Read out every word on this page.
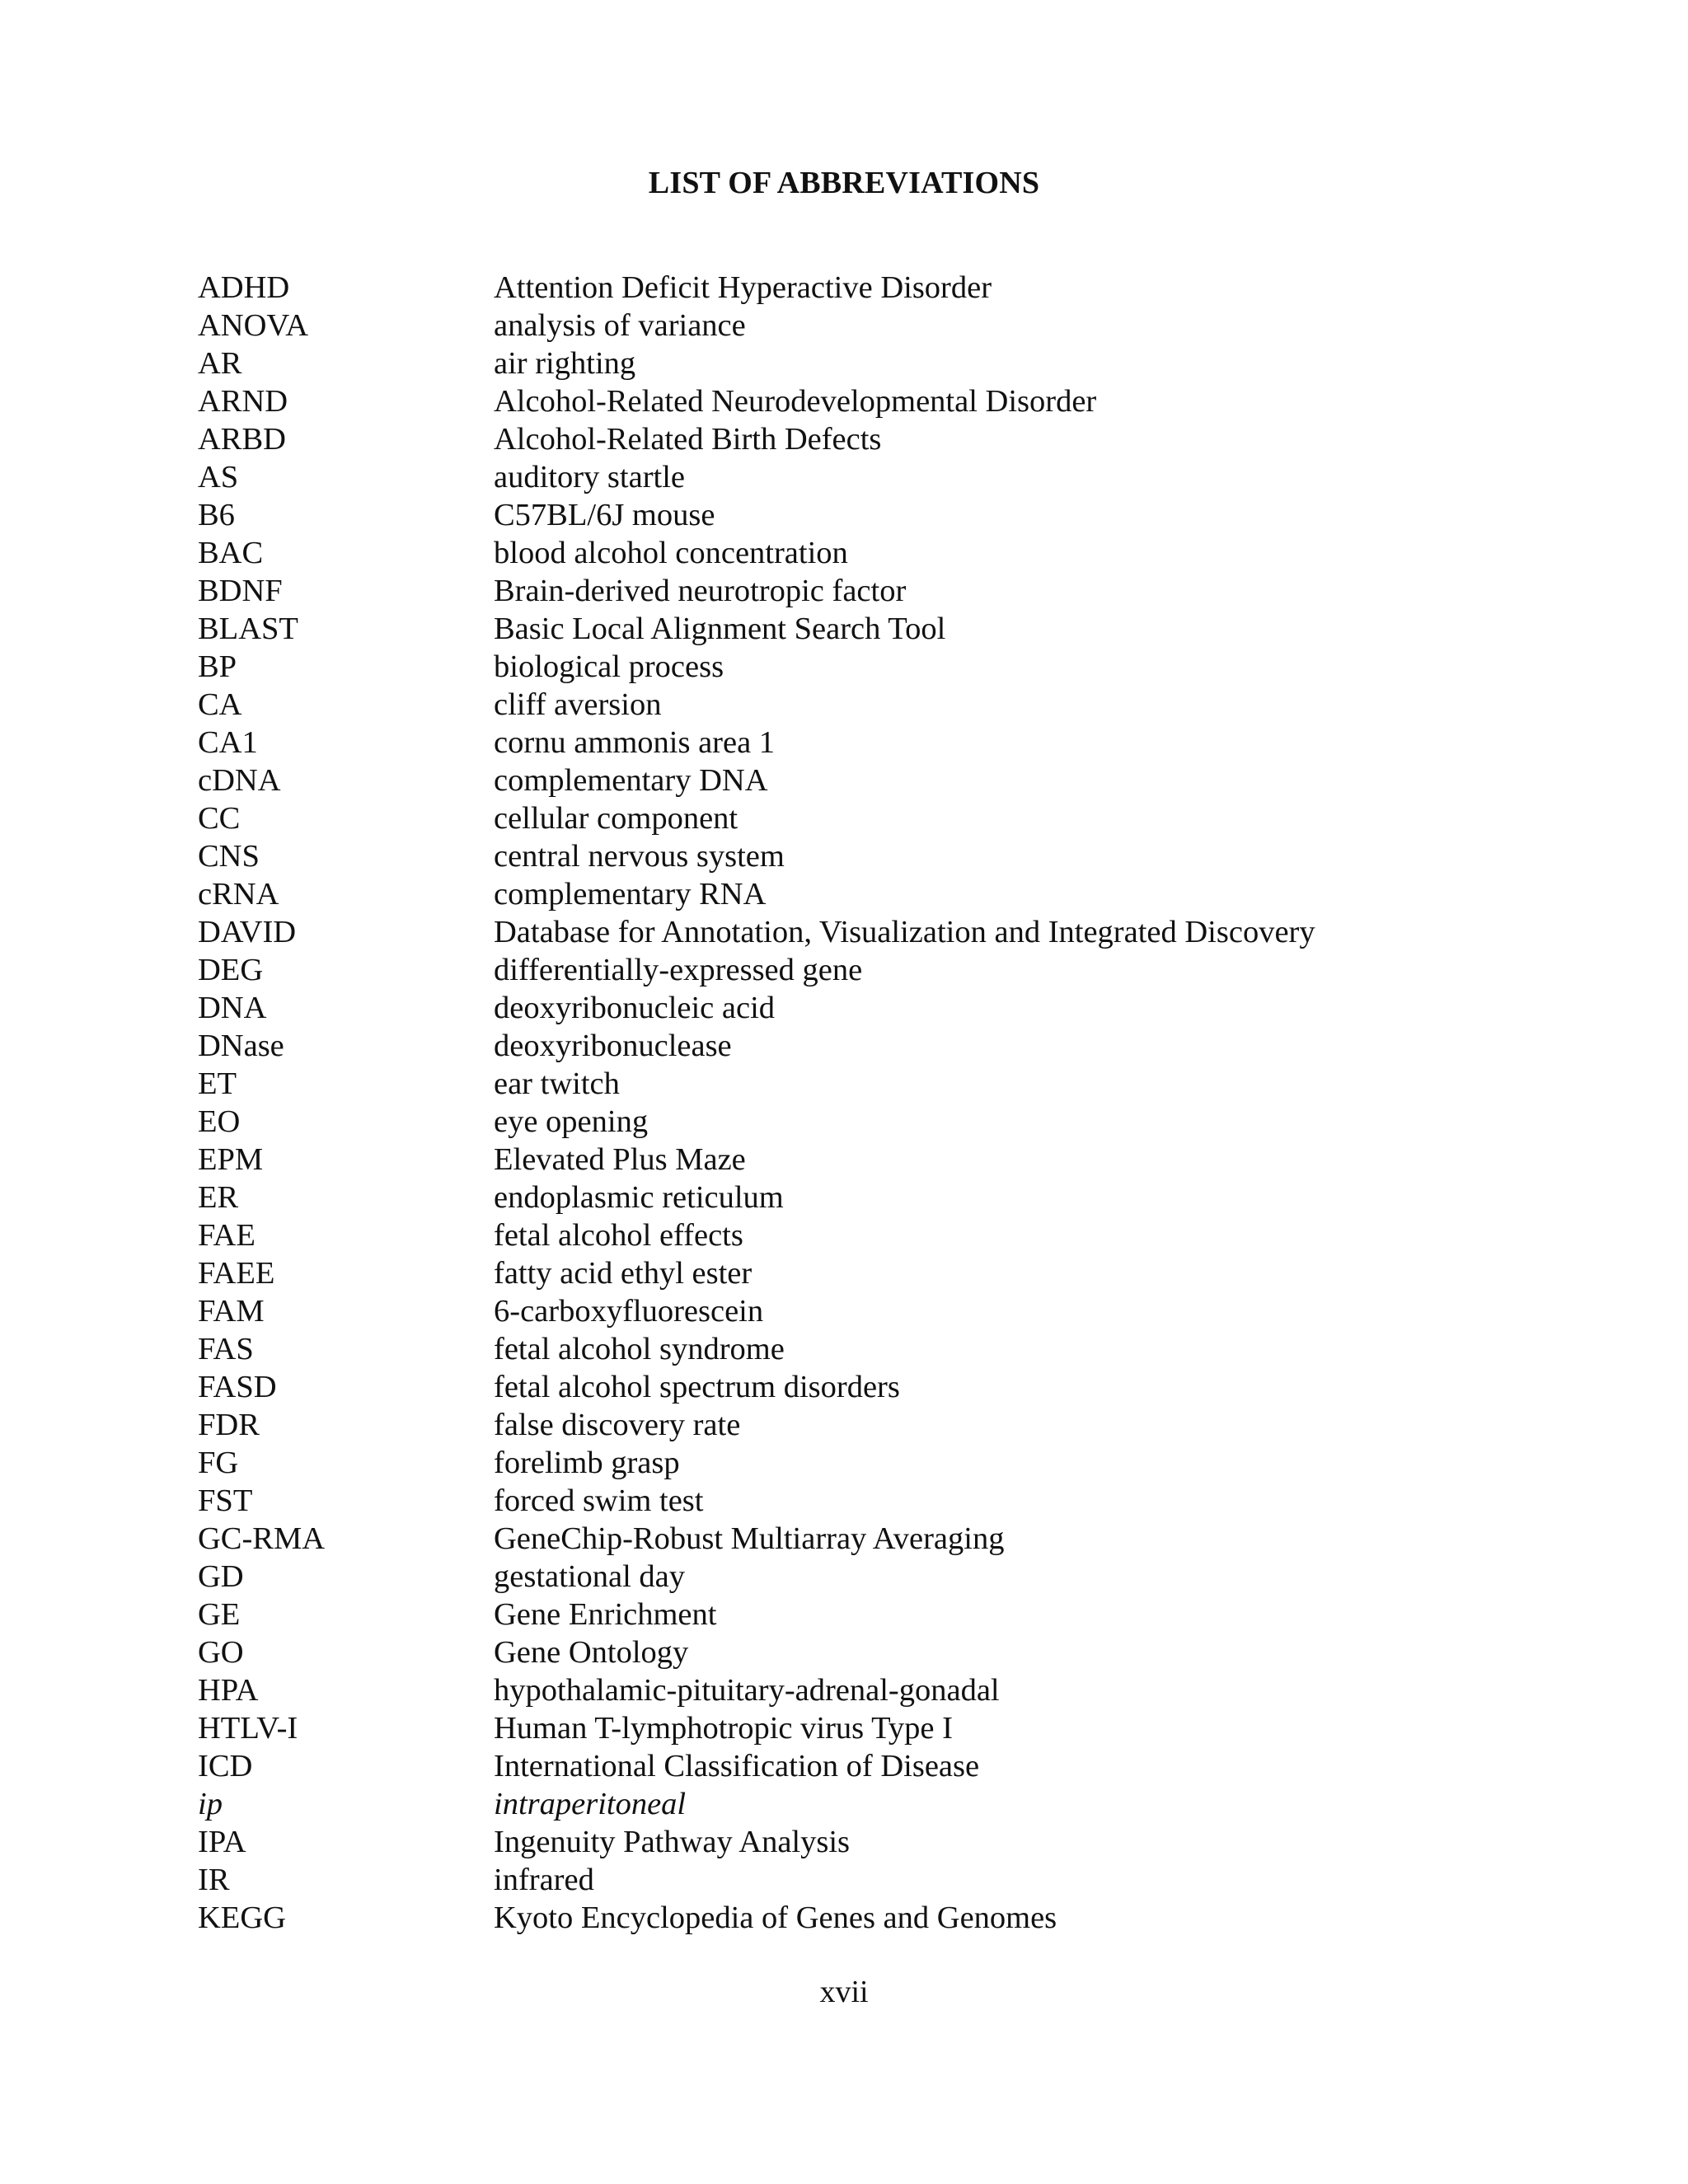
LIST OF ABBREVIATIONS
ADHD	Attention Deficit Hyperactive Disorder
ANOVA	analysis of variance
AR	air righting
ARND	Alcohol-Related Neurodevelopmental Disorder
ARBD	Alcohol-Related Birth Defects
AS	auditory startle
B6	C57BL/6J mouse
BAC	blood alcohol concentration
BDNF	Brain-derived neurotropic factor
BLAST	Basic Local Alignment Search Tool
BP	biological process
CA	cliff aversion
CA1	cornu ammonis area 1
cDNA	complementary DNA
CC	cellular component
CNS	central nervous system
cRNA	complementary RNA
DAVID	Database for Annotation, Visualization and Integrated Discovery
DEG	differentially-expressed gene
DNA	deoxyribonucleic acid
DNase	deoxyribonuclease
ET	ear twitch
EO	eye opening
EPM	Elevated Plus Maze
ER	endoplasmic reticulum
FAE	fetal alcohol effects
FAEE	fatty acid ethyl ester
FAM	6-carboxyfluorescein
FAS	fetal alcohol syndrome
FASD	fetal alcohol spectrum disorders
FDR	false discovery rate
FG	forelimb grasp
FST	forced swim test
GC-RMA	GeneChip-Robust Multiarray Averaging
GD	gestational day
GE	Gene Enrichment
GO	Gene Ontology
HPA	hypothalamic-pituitary-adrenal-gonadal
HTLV-I	Human T-lymphotropic virus Type I
ICD	International Classification of Disease
ip	intraperitoneal
IPA	Ingenuity Pathway Analysis
IR	infrared
KEGG	Kyoto Encyclopedia of Genes and Genomes
xvii
